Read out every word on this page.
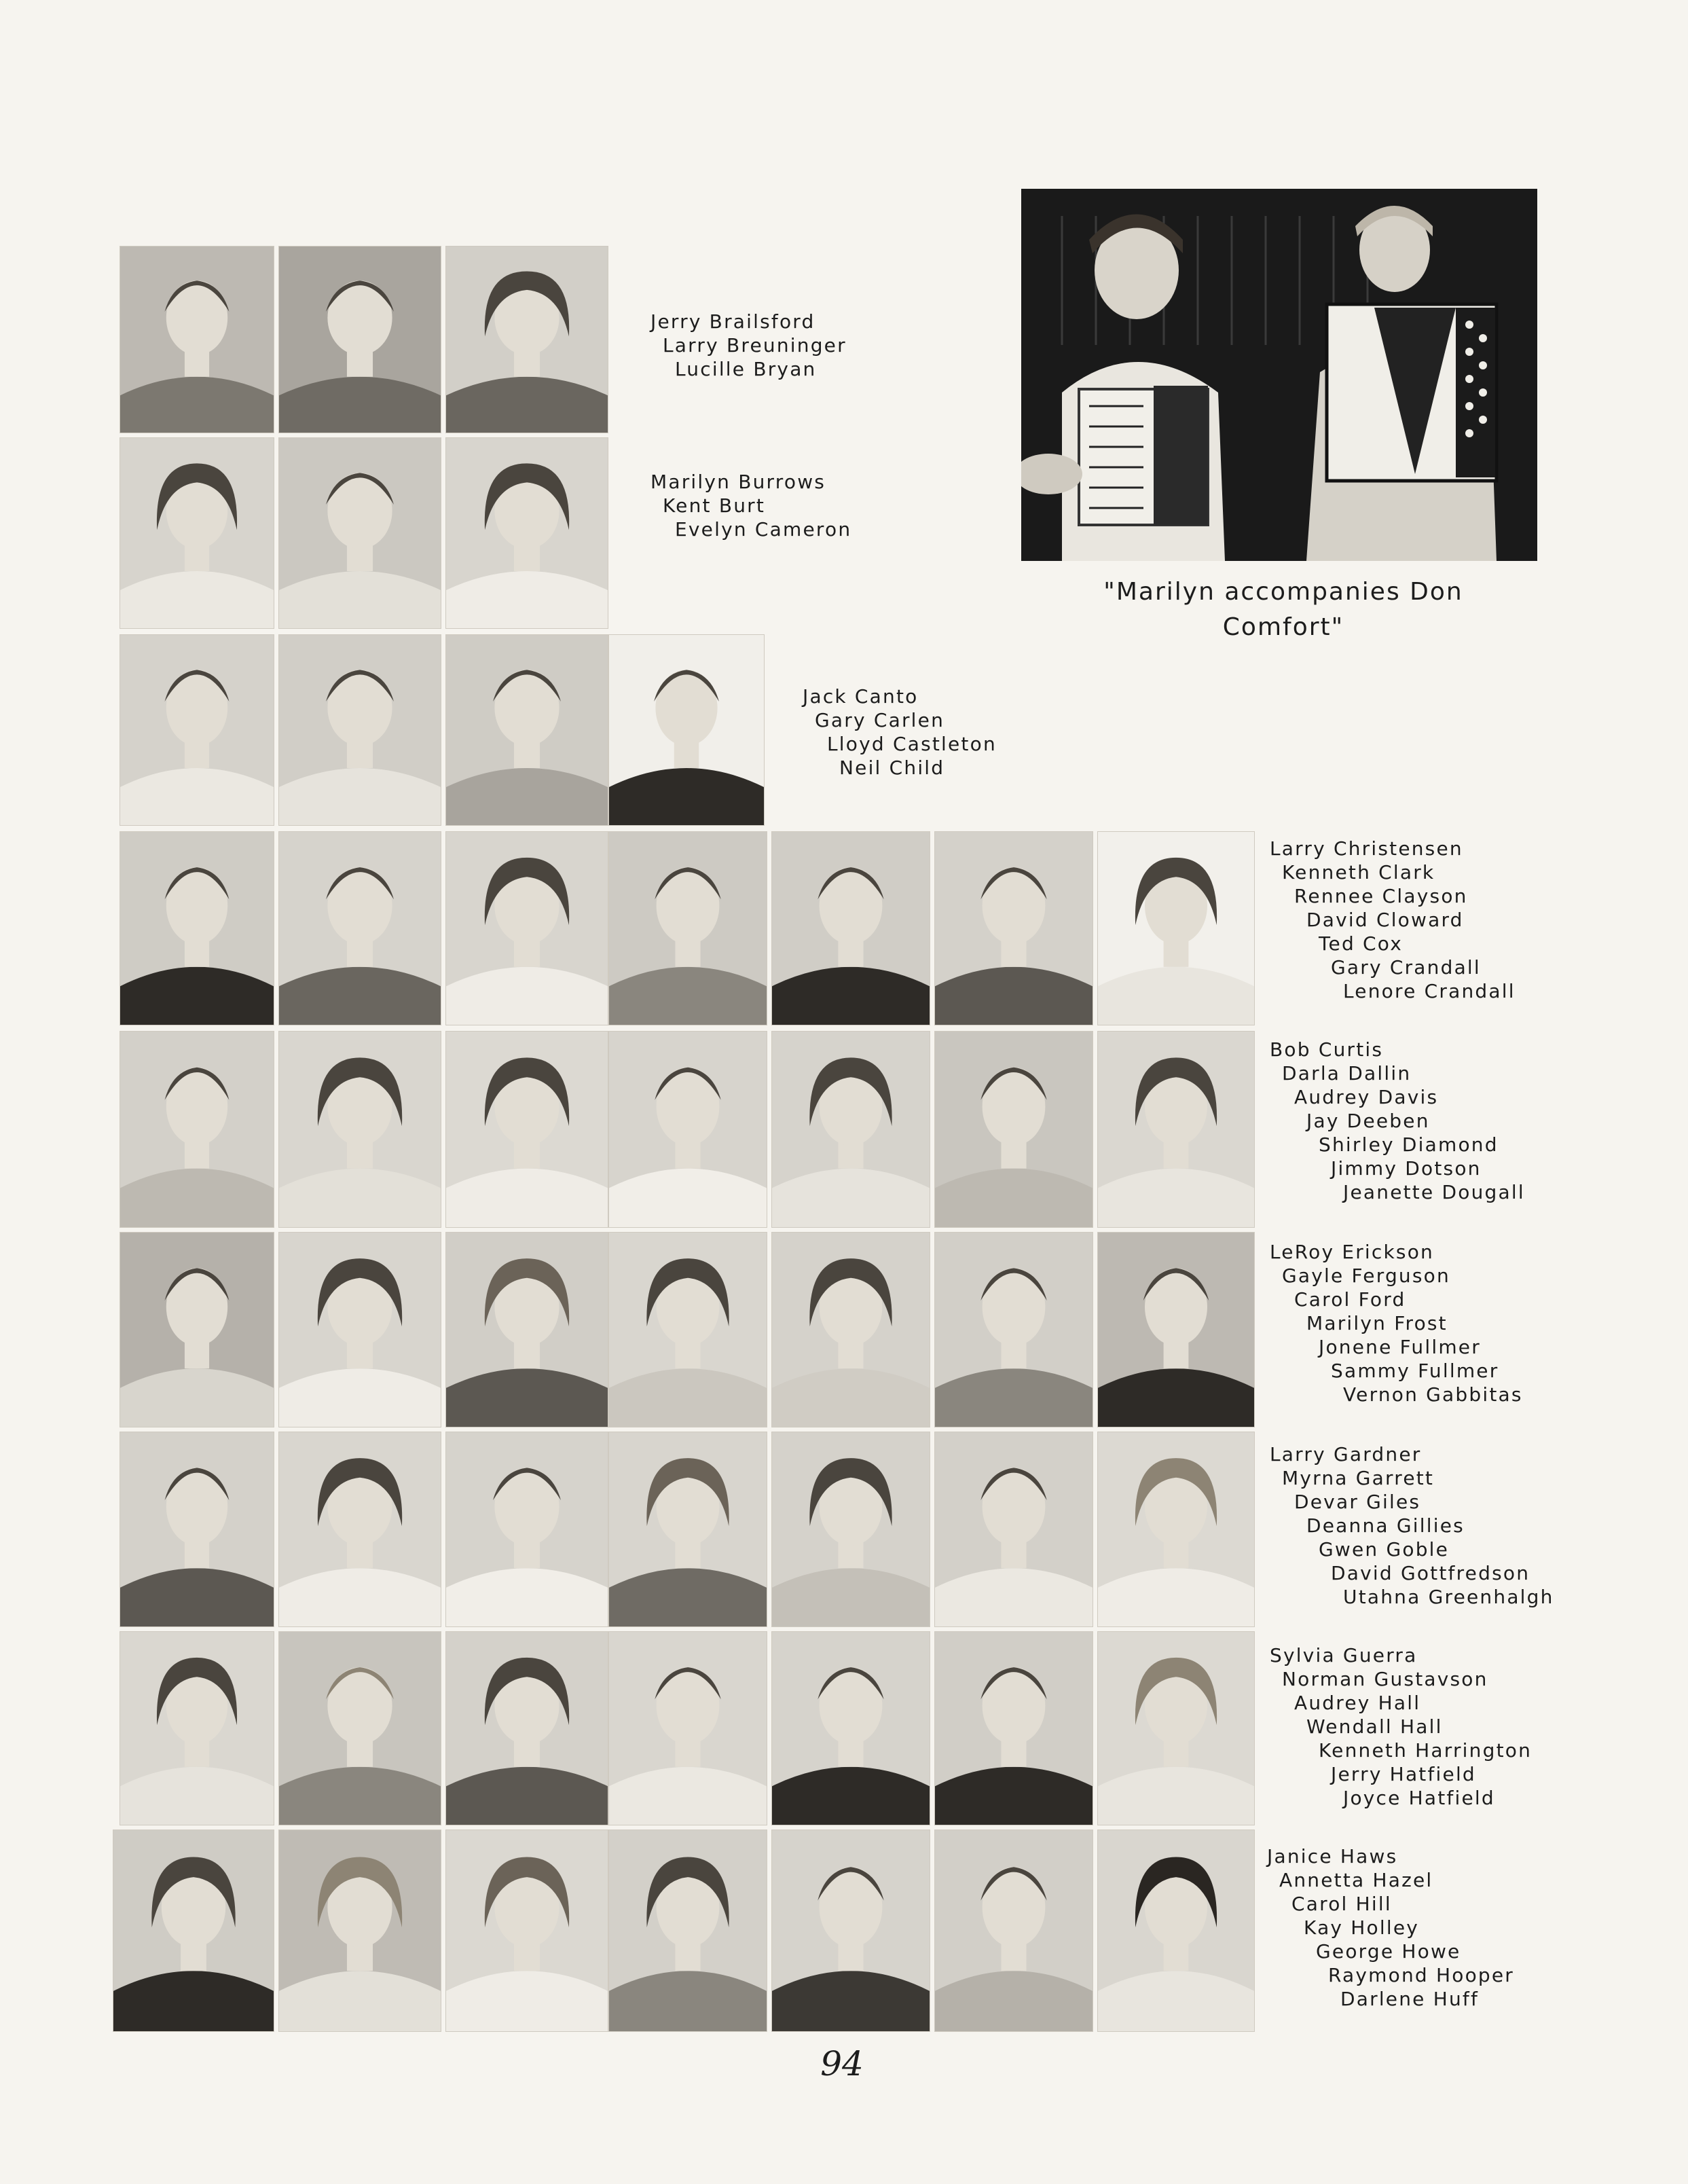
"Marilyn accompanies Don Comfort"

Jerry Brailsford
Larry Breuninger
Lucille Bryan
Marilyn Burrows
Kent Burt
Evelyn Cameron
Jack Canto
Gary Carlen
Lloyd Castleton
Neil Child
Larry Christensen
Kenneth Clark
Rennee Clayson
David Cloward
Ted Cox
Gary Crandall
Lenore Crandall
Bob Curtis
Darla Dallin
Audrey Davis
Jay Deeben
Shirley Diamond
Jimmy Dotson
Jeanette Dougall
LeRoy Erickson
Gayle Ferguson
Carol Ford
Marilyn Frost
Jonene Fullmer
Sammy Fullmer
Vernon Gabbitas
Larry Gardner
Myrna Garrett
Devar Giles
Deanna Gillies
Gwen Goble
David Gottfredson
Utahna Greenhalgh
Sylvia Guerra
Norman Gustavson
Audrey Hall
Wendall Hall
Kenneth Harrington
Jerry Hatfield
Joyce Hatfield
Janice Haws
Annetta Hazel
Carol Hill
Kay Holley
George Howe
Raymond Hooper
Darlene Huff

94
